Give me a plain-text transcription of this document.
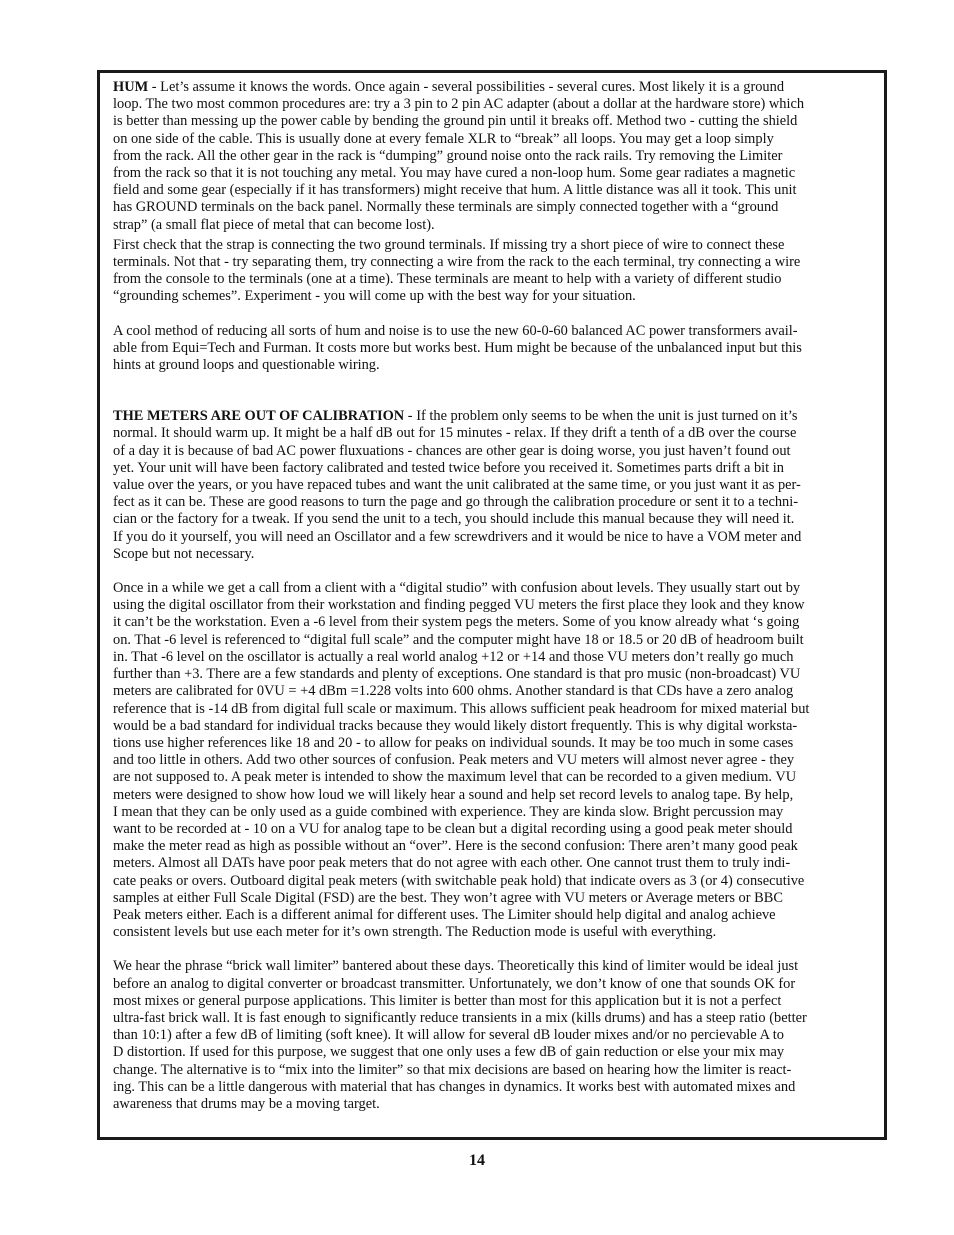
HUM - Let’s assume it knows the words. Once again - several possibilities - several cures. Most likely it is a ground
loop. The two most common procedures are: try a 3 pin to 2 pin AC adapter (about a dollar at the hardware store) which
is better than messing up the power cable by bending the ground pin until it breaks off. Method two - cutting the shield
on one side of the cable. This is usually done at every female XLR to “break” all loops. You may get a loop simply
from the rack. All the other gear in the rack is “dumping” ground noise onto the rack rails. Try removing the Limiter
from the rack so that it is not touching any metal. You may have cured a non-loop hum. Some gear radiates a magnetic
field and some gear (especially if it has transformers) might receive that hum. A little distance was all it took. This unit
has GROUND terminals on the back panel. Normally these terminals are simply connected together with a “ground
strap” (a small flat piece of metal that can become lost).

First check that the strap is connecting the two ground terminals. If missing try a short piece of wire to connect these
terminals. Not that - try separating them, try connecting a wire from the rack to the each terminal, try connecting a wire
from the console to the terminals (one at a time). These terminals are meant to help with a variety of different studio
“grounding schemes”. Experiment - you will come up with the best way for your situation.

A cool method of reducing all sorts of hum and noise is to use the new 60-0-60 balanced AC power transformers avail-
able from Equi=Tech and Furman. It costs more but works best. Hum might be because of the unbalanced input but this
hints at ground loops and questionable wiring.

THE METERS ARE OUT OF CALIBRATION - If the problem only seems to be when the unit is just turned on it’s
normal. It should warm up. It might be a half dB out for 15 minutes - relax. If they drift a tenth of a dB over the course
of a day it is because of bad AC power fluxuations - chances are other gear is doing worse, you just haven’t found out
yet. Your unit will have been factory calibrated and tested twice before you received it. Sometimes parts drift a bit in
value over the years, or you have repaced tubes and want the unit calibrated at the same time, or you just want it as per-
fect as it can be. These are good reasons to turn the page and go through the calibration procedure or sent it to a techni-
cian or the factory for a tweak. If you send the unit to a tech, you should include this manual because they will need it.
If you do it yourself, you will need an Oscillator and a few screwdrivers and it would be nice to have a VOM meter and
Scope but not necessary.

Once in a while we get a call from a client with a “digital studio” with confusion about levels. They usually start out by
using the digital oscillator from their workstation and finding pegged VU meters the first place they look and they know
it can’t be the workstation. Even a -6 level from their system pegs the meters. Some of you know already what ‘s going
on. That -6 level is referenced to “digital full scale” and the computer might have 18 or 18.5 or 20 dB of headroom built
in. That -6 level on the oscillator is actually a real world analog +12 or +14 and those VU meters don’t really go much
further than +3. There are a few standards and plenty of exceptions. One standard is that pro music (non-broadcast) VU
meters are calibrated for 0VU = +4 dBm =1.228 volts into 600 ohms. Another standard is that CDs have a zero analog
reference that is -14 dB from digital full scale or maximum. This allows sufficient peak headroom for mixed material but
would be a bad standard for individual tracks because they would likely distort frequently. This is why digital worksta-
tions use higher references like 18 and 20 - to allow for peaks on individual sounds. It may be too much in some cases
and too little in others. Add two other sources of confusion. Peak meters and VU meters will almost never agree - they
are not supposed to. A peak meter is intended to show the maximum level that can be recorded to a given medium. VU
meters were designed to show how loud we will likely hear a sound and help set record levels to analog tape. By help,
I mean that they can be only used as a guide combined with experience. They are kinda slow. Bright percussion may
want to be recorded at - 10 on a VU for analog tape to be clean but a digital recording using a good peak meter should
make the meter read as high as possible without an “over”. Here is the second confusion: There aren’t many good peak
meters. Almost all DATs have poor peak meters that do not agree with each other. One cannot trust them to truly indi-
cate peaks or overs. Outboard digital peak meters (with switchable peak hold) that indicate overs as 3 (or 4) consecutive
samples at either Full Scale Digital (FSD) are the best. They won’t agree with VU meters or Average meters or BBC
Peak meters either. Each is a different animal for different uses. The Limiter should help digital and analog achieve
consistent levels but use each meter for it’s own strength. The Reduction mode is useful with everything.

We hear the phrase “brick wall limiter” bantered about these days. Theoretically this kind of limiter would be ideal just
before an analog to digital converter or broadcast transmitter. Unfortunately, we don’t know of one that sounds OK for
most mixes or general purpose applications. This limiter is better than most for this application but it is not a perfect
ultra-fast brick wall. It is fast enough to significantly reduce transients in a mix (kills drums) and has a steep ratio (better
than 10:1) after a few dB of limiting (soft knee). It will allow for several dB louder mixes and/or no percievable A to
D distortion. If used for this purpose, we suggest that one only uses a few dB of gain reduction or else your mix may
change. The alternative is to “mix into the limiter” so that mix decisions are based on hearing how the limiter is react-
ing. This can be a little dangerous with material that has changes in dynamics. It works best with automated mixes and
awareness that drums may be a moving target.

14
